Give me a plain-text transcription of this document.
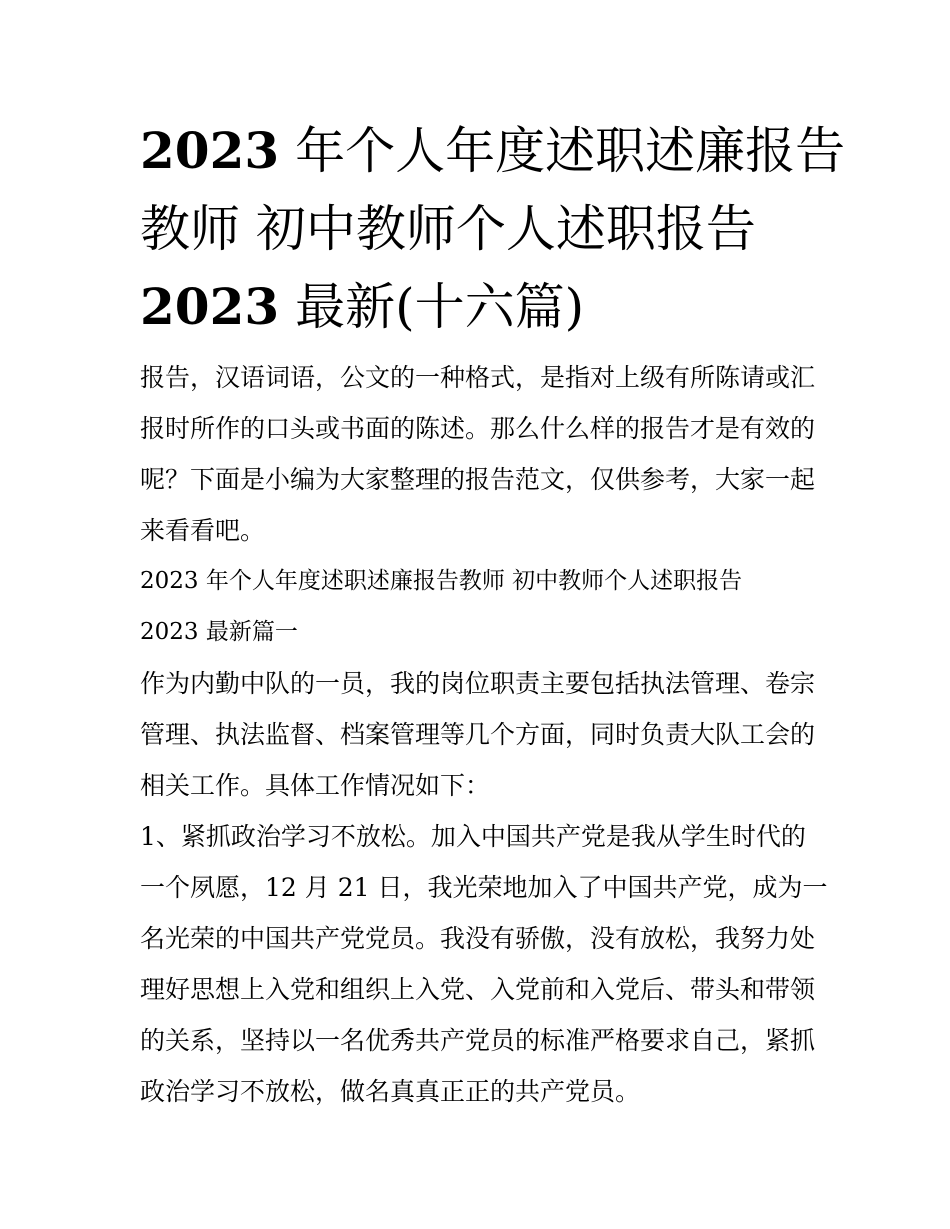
2023 年个人年度述职述廉报告
教师 初中教师个人述职报告
2023 最新(十六篇)
报告，汉语词语，公文的一种格式，是指对上级有所陈请或汇
报时所作的口头或书面的陈述。那么什么样的报告才是有效的
呢？下面是小编为大家整理的报告范文，仅供参考，大家一起
来看看吧。
2023 年个人年度述职述廉报告教师 初中教师个人述职报告
2023 最新篇一
作为内勤中队的一员，我的岗位职责主要包括执法管理、卷宗
管理、执法监督、档案管理等几个方面，同时负责大队工会的
相关工作。具体工作情况如下：
1、紧抓政治学习不放松。加入中国共产党是我从学生时代的
一个夙愿，12 月 21 日，我光荣地加入了中国共产党，成为一
名光荣的中国共产党党员。我没有骄傲，没有放松，我努力处
理好思想上入党和组织上入党、入党前和入党后、带头和带领
的关系，坚持以一名优秀共产党员的标准严格要求自己，紧抓
政治学习不放松，做名真真正正的共产党员。
